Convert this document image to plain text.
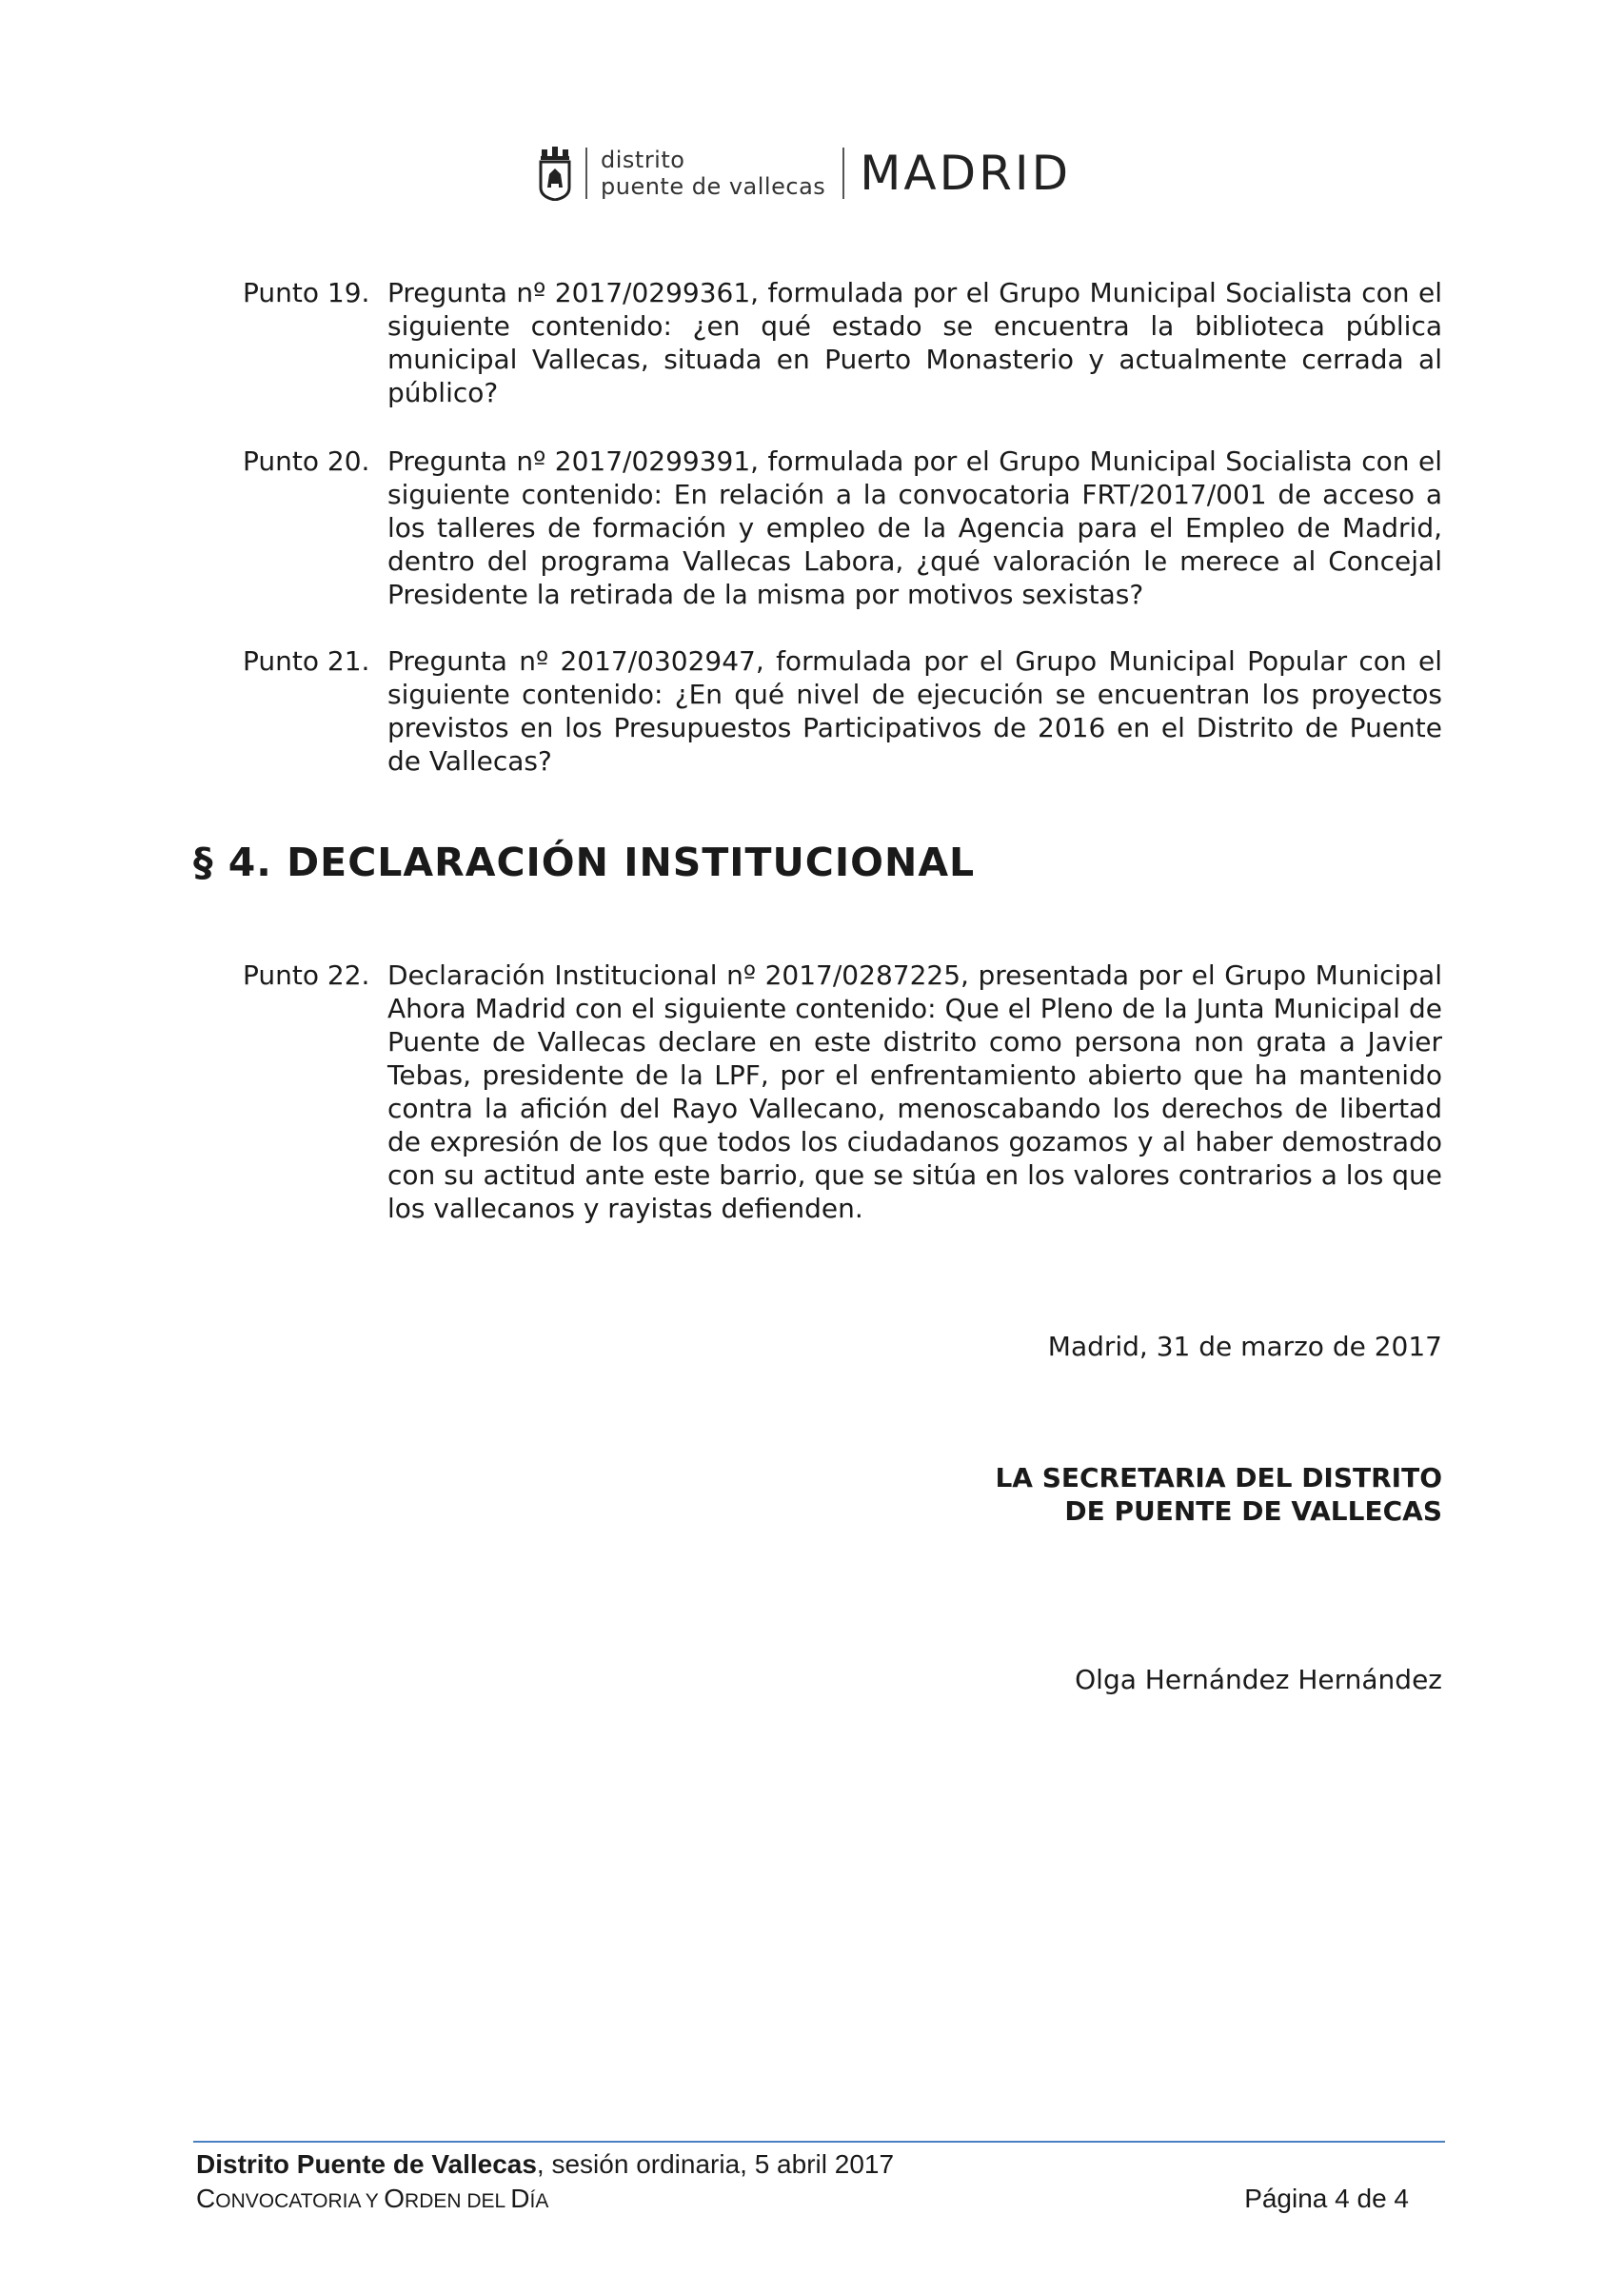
distrito
puente de vallecas MADRID
Punto 19. Pregunta nº 2017/0299361, formulada por el Grupo Municipal Socialista con el siguiente contenido: ¿en qué estado se encuentra la biblioteca pública municipal Vallecas, situada en Puerto Monasterio y actualmente cerrada al público?
Punto 20. Pregunta nº 2017/0299391, formulada por el Grupo Municipal Socialista con el siguiente contenido: En relación a la convocatoria FRT/2017/001 de acceso a los talleres de formación y empleo de la Agencia para el Empleo de Madrid, dentro del programa Vallecas Labora, ¿qué valoración le merece al Concejal Presidente la retirada de la misma por motivos sexistas?
Punto 21. Pregunta nº 2017/0302947, formulada por el Grupo Municipal Popular con el siguiente contenido: ¿En qué nivel de ejecución se encuentran los proyectos previstos en los Presupuestos Participativos de 2016 en el Distrito de Puente de Vallecas?
§ 4. DECLARACIÓN INSTITUCIONAL
Punto 22. Declaración Institucional nº 2017/0287225, presentada por el Grupo Municipal Ahora Madrid con el siguiente contenido: Que el Pleno de la Junta Municipal de Puente de Vallecas declare en este distrito como persona non grata a Javier Tebas, presidente de la LPF, por el enfrentamiento abierto que ha mantenido contra la afición del Rayo Vallecano, menoscabando los derechos de libertad de expresión de los que todos los ciudadanos gozamos y al haber demostrado con su actitud ante este barrio, que se sitúa en los valores contrarios a los que los vallecanos y rayistas defienden.
Madrid, 31 de marzo de 2017
LA SECRETARIA DEL DISTRITO
DE PUENTE DE VALLECAS
Olga Hernández Hernández
Distrito Puente de Vallecas, sesión ordinaria, 5 abril 2017
CONVOCATORIA Y ORDEN DEL DÍA	Página 4 de 4
